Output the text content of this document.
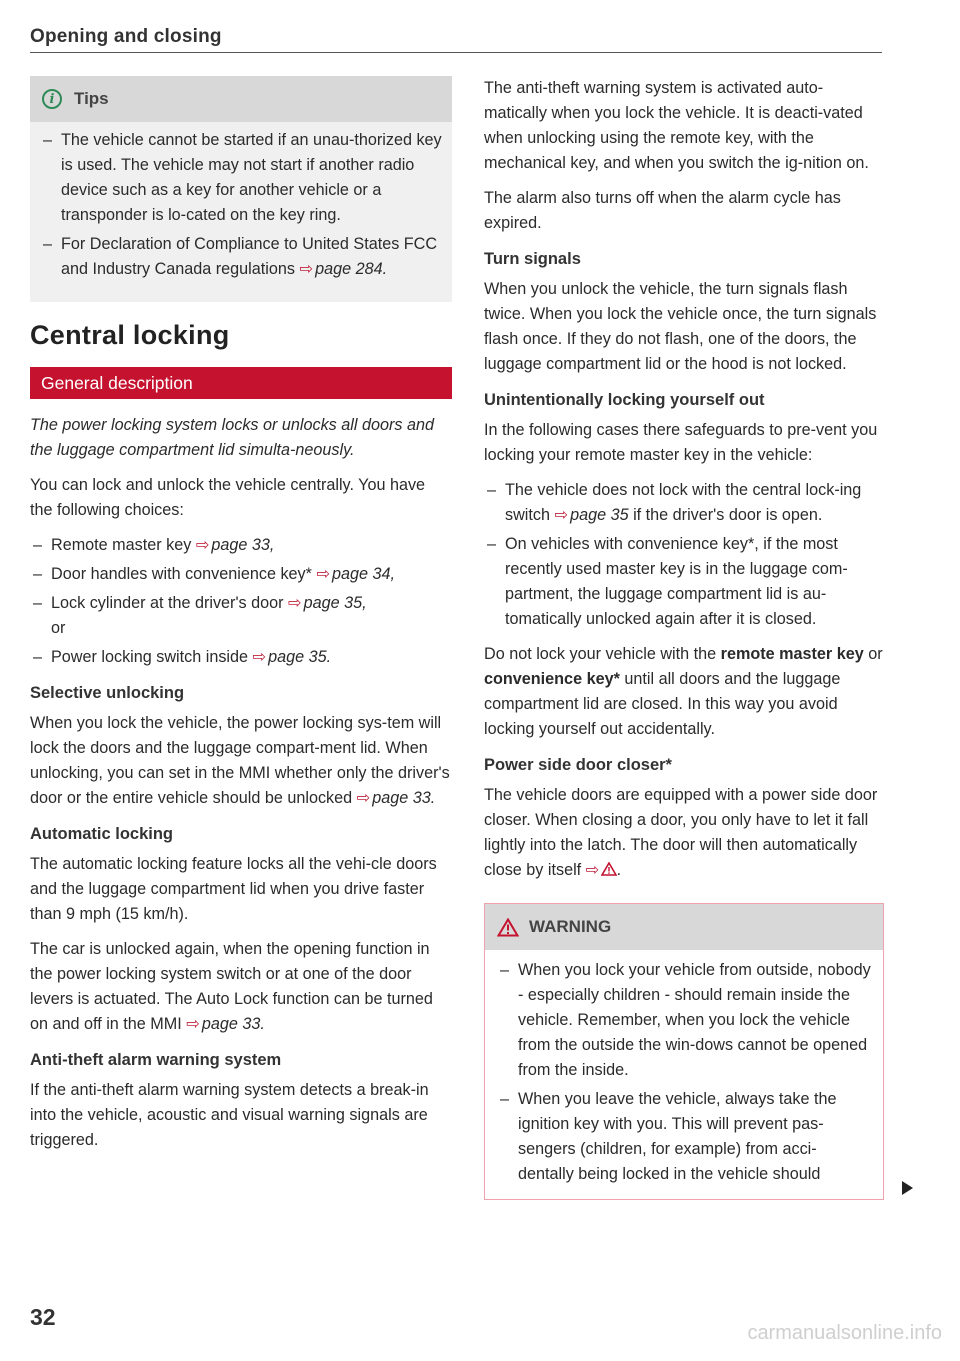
Opening and closing
i	Tips
– The vehicle cannot be started if an unau-thorized key is used. The vehicle may not start if another radio device such as a key for another vehicle or a transponder is lo-cated on the key ring.
– For Declaration of Compliance to United States FCC and Industry Canada regulations ⇨ page 284.
Central locking
General description

The power locking system locks or unlocks all doors and the luggage compartment lid simulta-neously.

You can lock and unlock the vehicle centrally. You have the following choices:

– Remote master key ⇨ page 33,
– Door handles with convenience key* ⇨ page 34,
– Lock cylinder at the driver's door ⇨ page 35,
or
– Power locking switch inside ⇨ page 35.
Selective unlocking

When you lock the vehicle, the power locking sys-tem will lock the doors and the luggage compart-ment lid. When unlocking, you can set in the MMI whether only the driver's door or the entire vehicle should be unlocked ⇨ page 33.

Automatic locking

The automatic locking feature locks all the vehi-cle doors and the luggage compartment lid when you drive faster than 9 mph (15 km/h).

The car is unlocked again, when the opening function in the power locking system switch or at one of the door levers is actuated. The Auto Lock function can be turned on and off in the MMI ⇨ page 33.

Anti-theft alarm warning system

If the anti-theft alarm warning system detects a break-in into the vehicle, acoustic and visual warning signals are triggered.

The anti-theft warning system is activated auto-matically when you lock the vehicle. It is deacti-vated when unlocking using the remote key, with the mechanical key, and when you switch the ig-nition on.

The alarm also turns off when the alarm cycle has expired.

Turn signals

When you unlock the vehicle, the turn signals flash twice. When you lock the vehicle once, the turn signals flash once. If they do not flash, one of the doors, the luggage compartment lid or the hood is not locked.

Unintentionally locking yourself out

In the following cases there safeguards to pre-vent you locking your remote master key in the vehicle:

– The vehicle does not lock with the central lock-ing switch ⇨ page 35 if the driver's door is open.
– On vehicles with convenience key*, if the most recently used master key is in the luggage com-partment, the luggage compartment lid is au-tomatically unlocked again after it is closed.

Do not lock your vehicle with the remote master key or convenience key* until all doors and the luggage compartment lid are closed. In this way you avoid locking yourself out accidentally.

Power side door closer*

The vehicle doors are equipped with a power side door closer. When closing a door, you only have to let it fall lightly into the latch. The door will then automatically close by itself ⇨ .

WARNING
– When you lock your vehicle from outside, nobody - especially children - should remain inside the vehicle. Remember, when you lock the vehicle from the outside the win-dows cannot be opened from the inside.
– When you leave the vehicle, always take the ignition key with you. This will prevent pas-sengers (children, for example) from acci-dentally being locked in the vehicle should
32
carmanualsonline.info
